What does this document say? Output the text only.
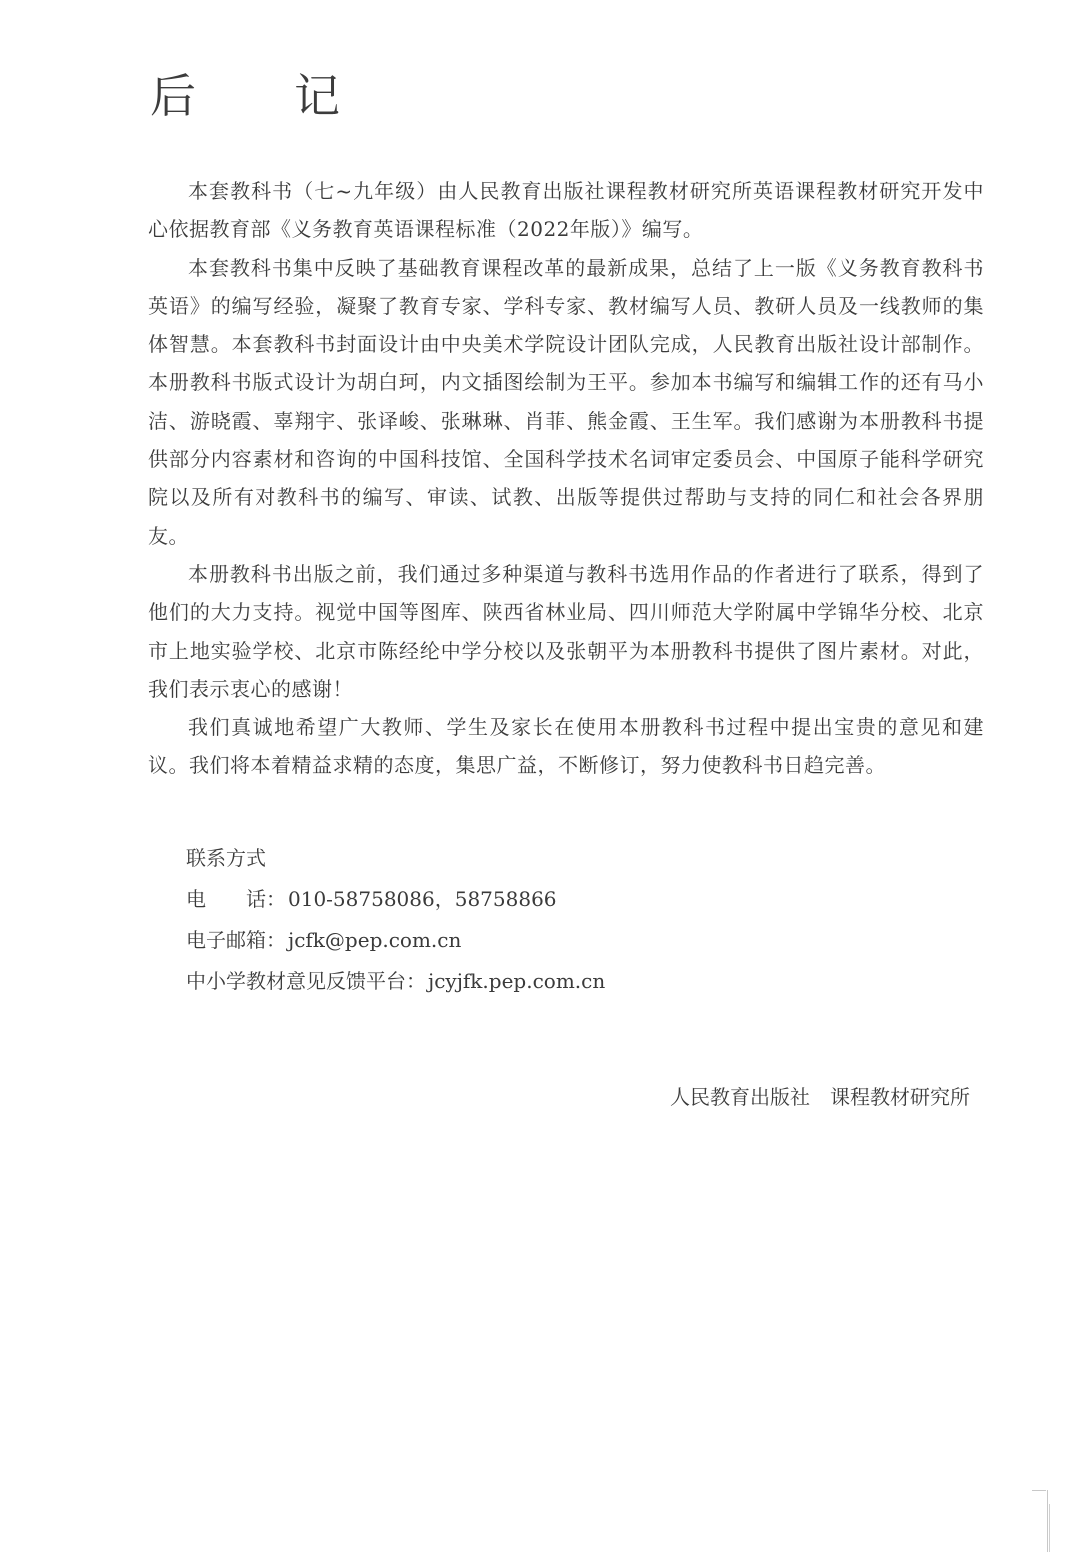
后　记

本套教科书（七~九年级）由人民教育出版社课程教材研究所英语课程教材研究开发中心依据教育部《义务教育英语课程标准（2022年版）》编写。

本套教科书集中反映了基础教育课程改革的最新成果，总结了上一版《义务教育教科书 英语》的编写经验，凝聚了教育专家、学科专家、教材编写人员、教研人员及一线教师的集体智慧。本套教科书封面设计由中央美术学院设计团队完成，人民教育出版社设计部制作。本册教科书版式设计为胡白珂，内文插图绘制为王平。参加本书编写和编辑工作的还有马小洁、游晓霞、辜翔宇、张译峻、张琳琳、肖菲、熊金霞、王生军。我们感谢为本册教科书提供部分内容素材和咨询的中国科技馆、全国科学技术名词审定委员会、中国原子能科学研究院以及所有对教科书的编写、审读、试教、出版等提供过帮助与支持的同仁和社会各界朋友。

本册教科书出版之前，我们通过多种渠道与教科书选用作品的作者进行了联系，得到了他们的大力支持。视觉中国等图库、陕西省林业局、四川师范大学附属中学锦华分校、北京市上地实验学校、北京市陈经纶中学分校以及张朝平为本册教科书提供了图片素材。对此，我们表示衷心的感谢！

我们真诚地希望广大教师、学生及家长在使用本册教科书过程中提出宝贵的意见和建议。我们将本着精益求精的态度，集思广益，不断修订，努力使教科书日趋完善。

联系方式

电　　话： 010-58758086，58758866

电子邮箱： jcfk@pep.com.cn

中小学教材意见反馈平台： jcyjfk.pep.com.cn

人民教育出版社 课程教材研究所
